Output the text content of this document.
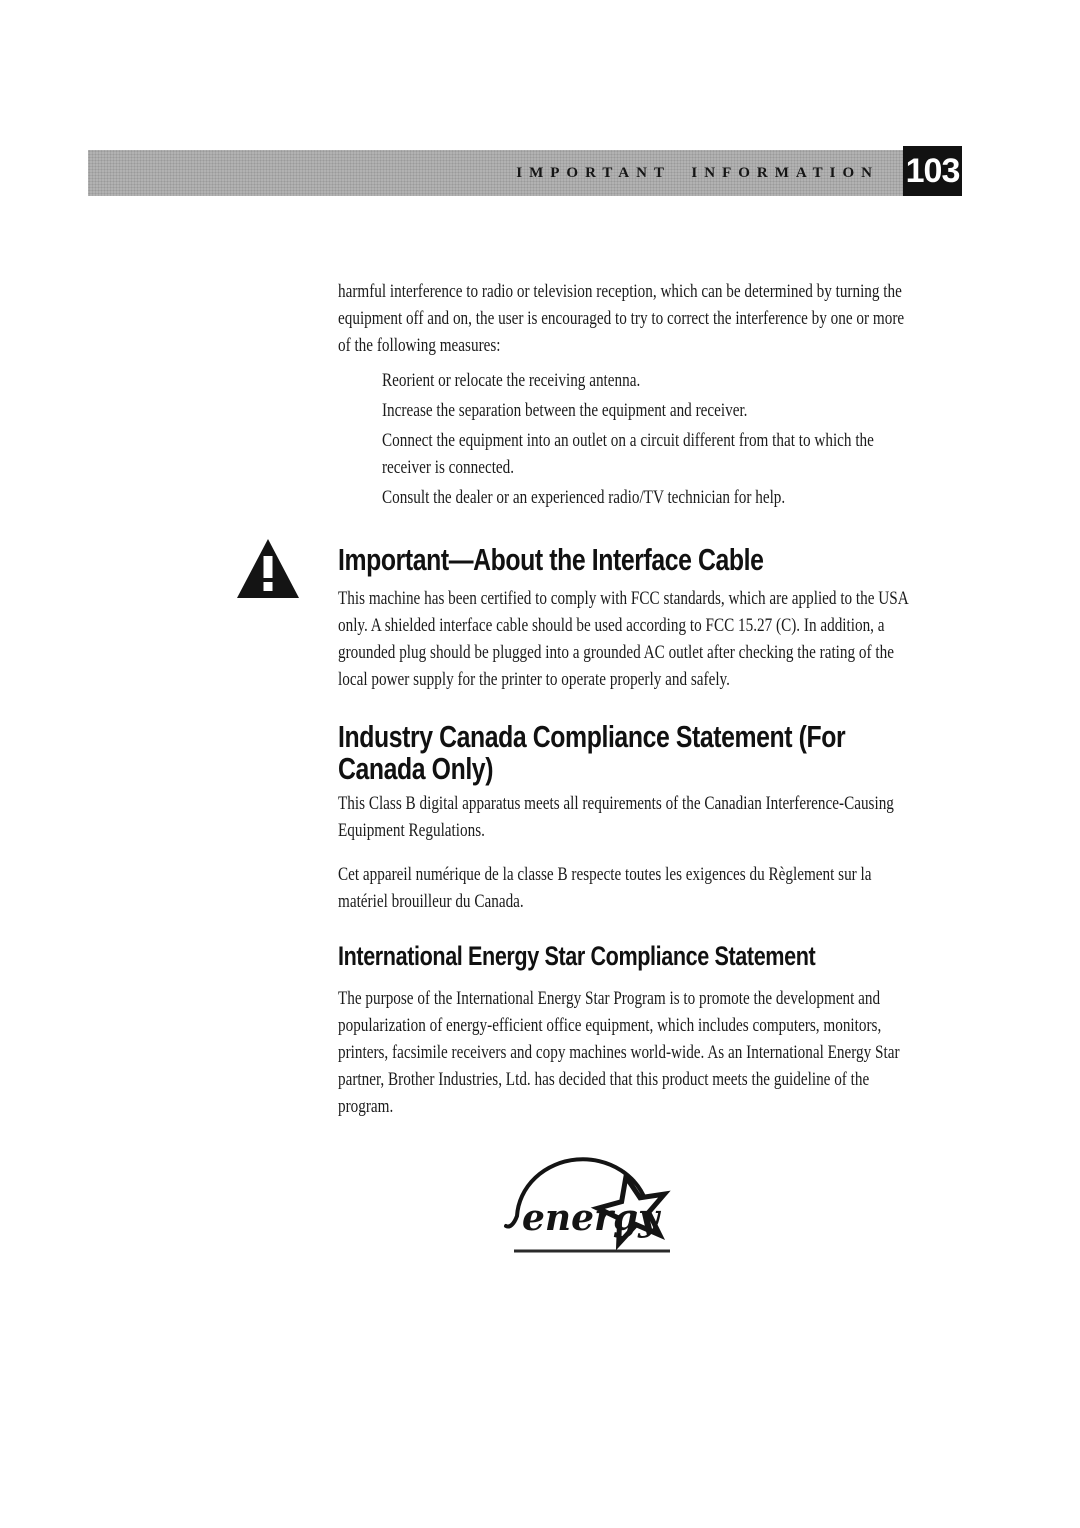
IMPORTANT INFORMATION 103

harmful interference to radio or television reception, which can be determined by turning the equipment off and on, the user is encouraged to try to correct the interference by one or more of the following measures:

Reorient or relocate the receiving antenna.
Increase the separation between the equipment and receiver.
Connect the equipment into an outlet on a circuit different from that to which the receiver is connected.
Consult the dealer or an experienced radio/TV technician for help.
Important—About the Interface Cable

This machine has been certified to comply with FCC standards, which are applied to the USA only. A shielded interface cable should be used according to FCC 15.27 (C). In addition, a grounded plug should be plugged into a grounded AC outlet after checking the rating of the local power supply for the printer to operate properly and safely.

Industry Canada Compliance Statement (For Canada Only)

This Class B digital apparatus meets all requirements of the Canadian Interference-Causing Equipment Regulations.

Cet appareil numérique de la classe B respecte toutes les exigences du Règlement sur la matériel brouilleur du Canada.

International Energy Star Compliance Statement

The purpose of the International Energy Star Program is to promote the development and popularization of energy-efficient office equipment, which includes computers, monitors, printers, facsimile receivers and copy machines world-wide. As an International Energy Star partner, Brother Industries, Ltd. has decided that this product meets the guideline of the program.

energy
